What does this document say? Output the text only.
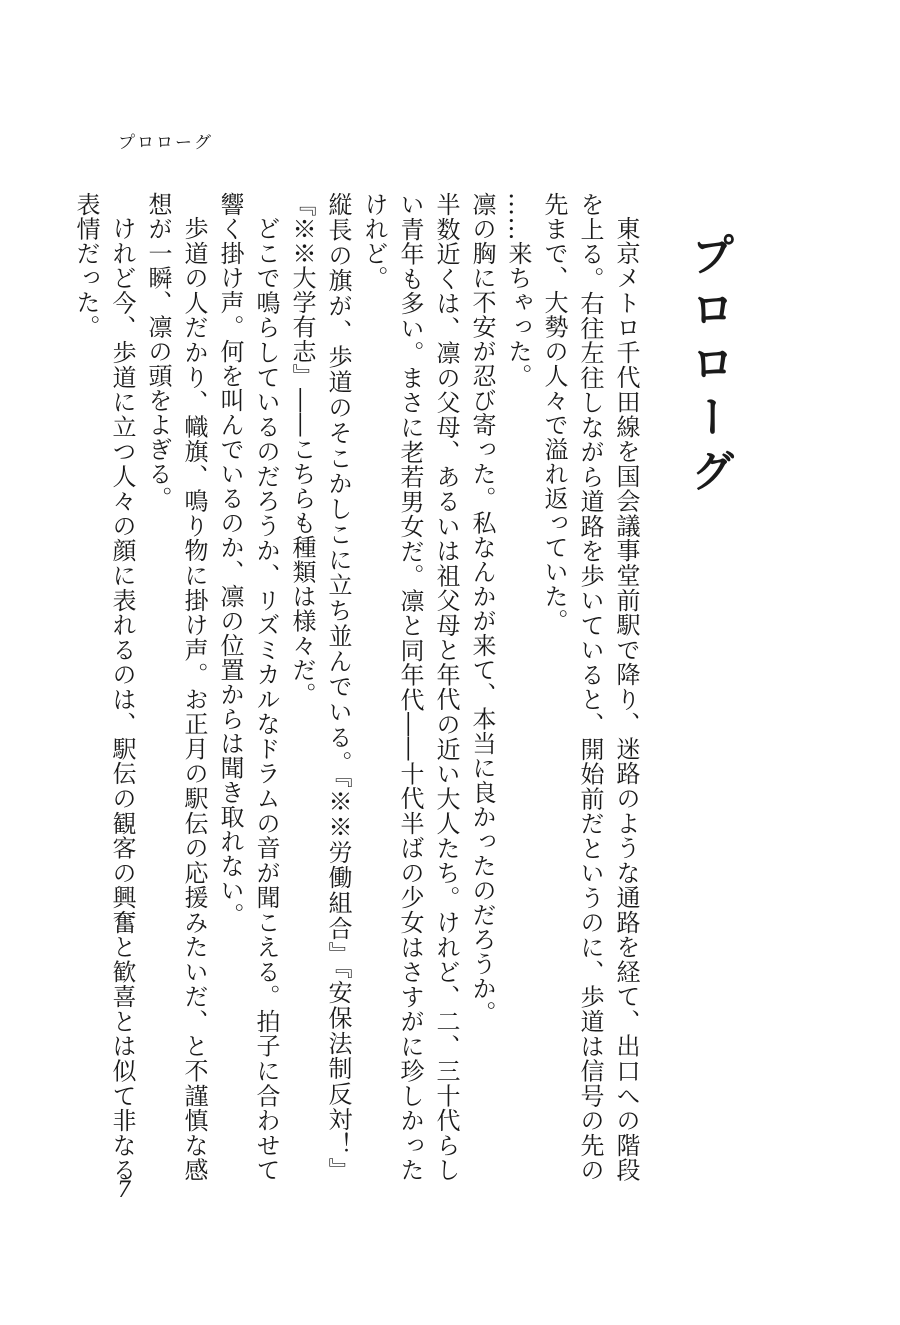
プロローグ
プロローグ

東京メトロ千代田線を国会議事堂前駅で降り、迷路のような通路を経て、出口への階段を上る。右往左往しながら道路を歩いていると、開始前だというのに、歩道は信号の先の先まで、大勢の人々で溢れ返っていた。

……来ちゃった。

凛の胸に不安が忍び寄った。私なんかが来て、本当に良かったのだろうか。

半数近くは、凛の父母、あるいは祖父母と年代の近い大人たち。けれど、二、三十代らしい青年も多い。まさに老若男女だ。凛と同年代――十代半ばの少女はさすがに珍しかったけれど。

縦長の旗が、歩道のそこかしこに立ち並んでいる。『※※労働組合』『安保法制反対！』『※※大学有志』――こちらも種類は様々だ。

どこで鳴らしているのだろうか、リズミカルなドラムの音が聞こえる。拍子に合わせて響く掛け声。何を叫んでいるのか、凛の位置からは聞き取れない。

歩道の人だかり、幟旗、鳴り物に掛け声。お正月の駅伝の応援みたいだ、と不謹慎な感想が一瞬、凛の頭をよぎる。

けれど今、歩道に立つ人々の顔に表れるのは、駅伝の観客の興奮と歓喜とは似て非なる表情だった。

7
